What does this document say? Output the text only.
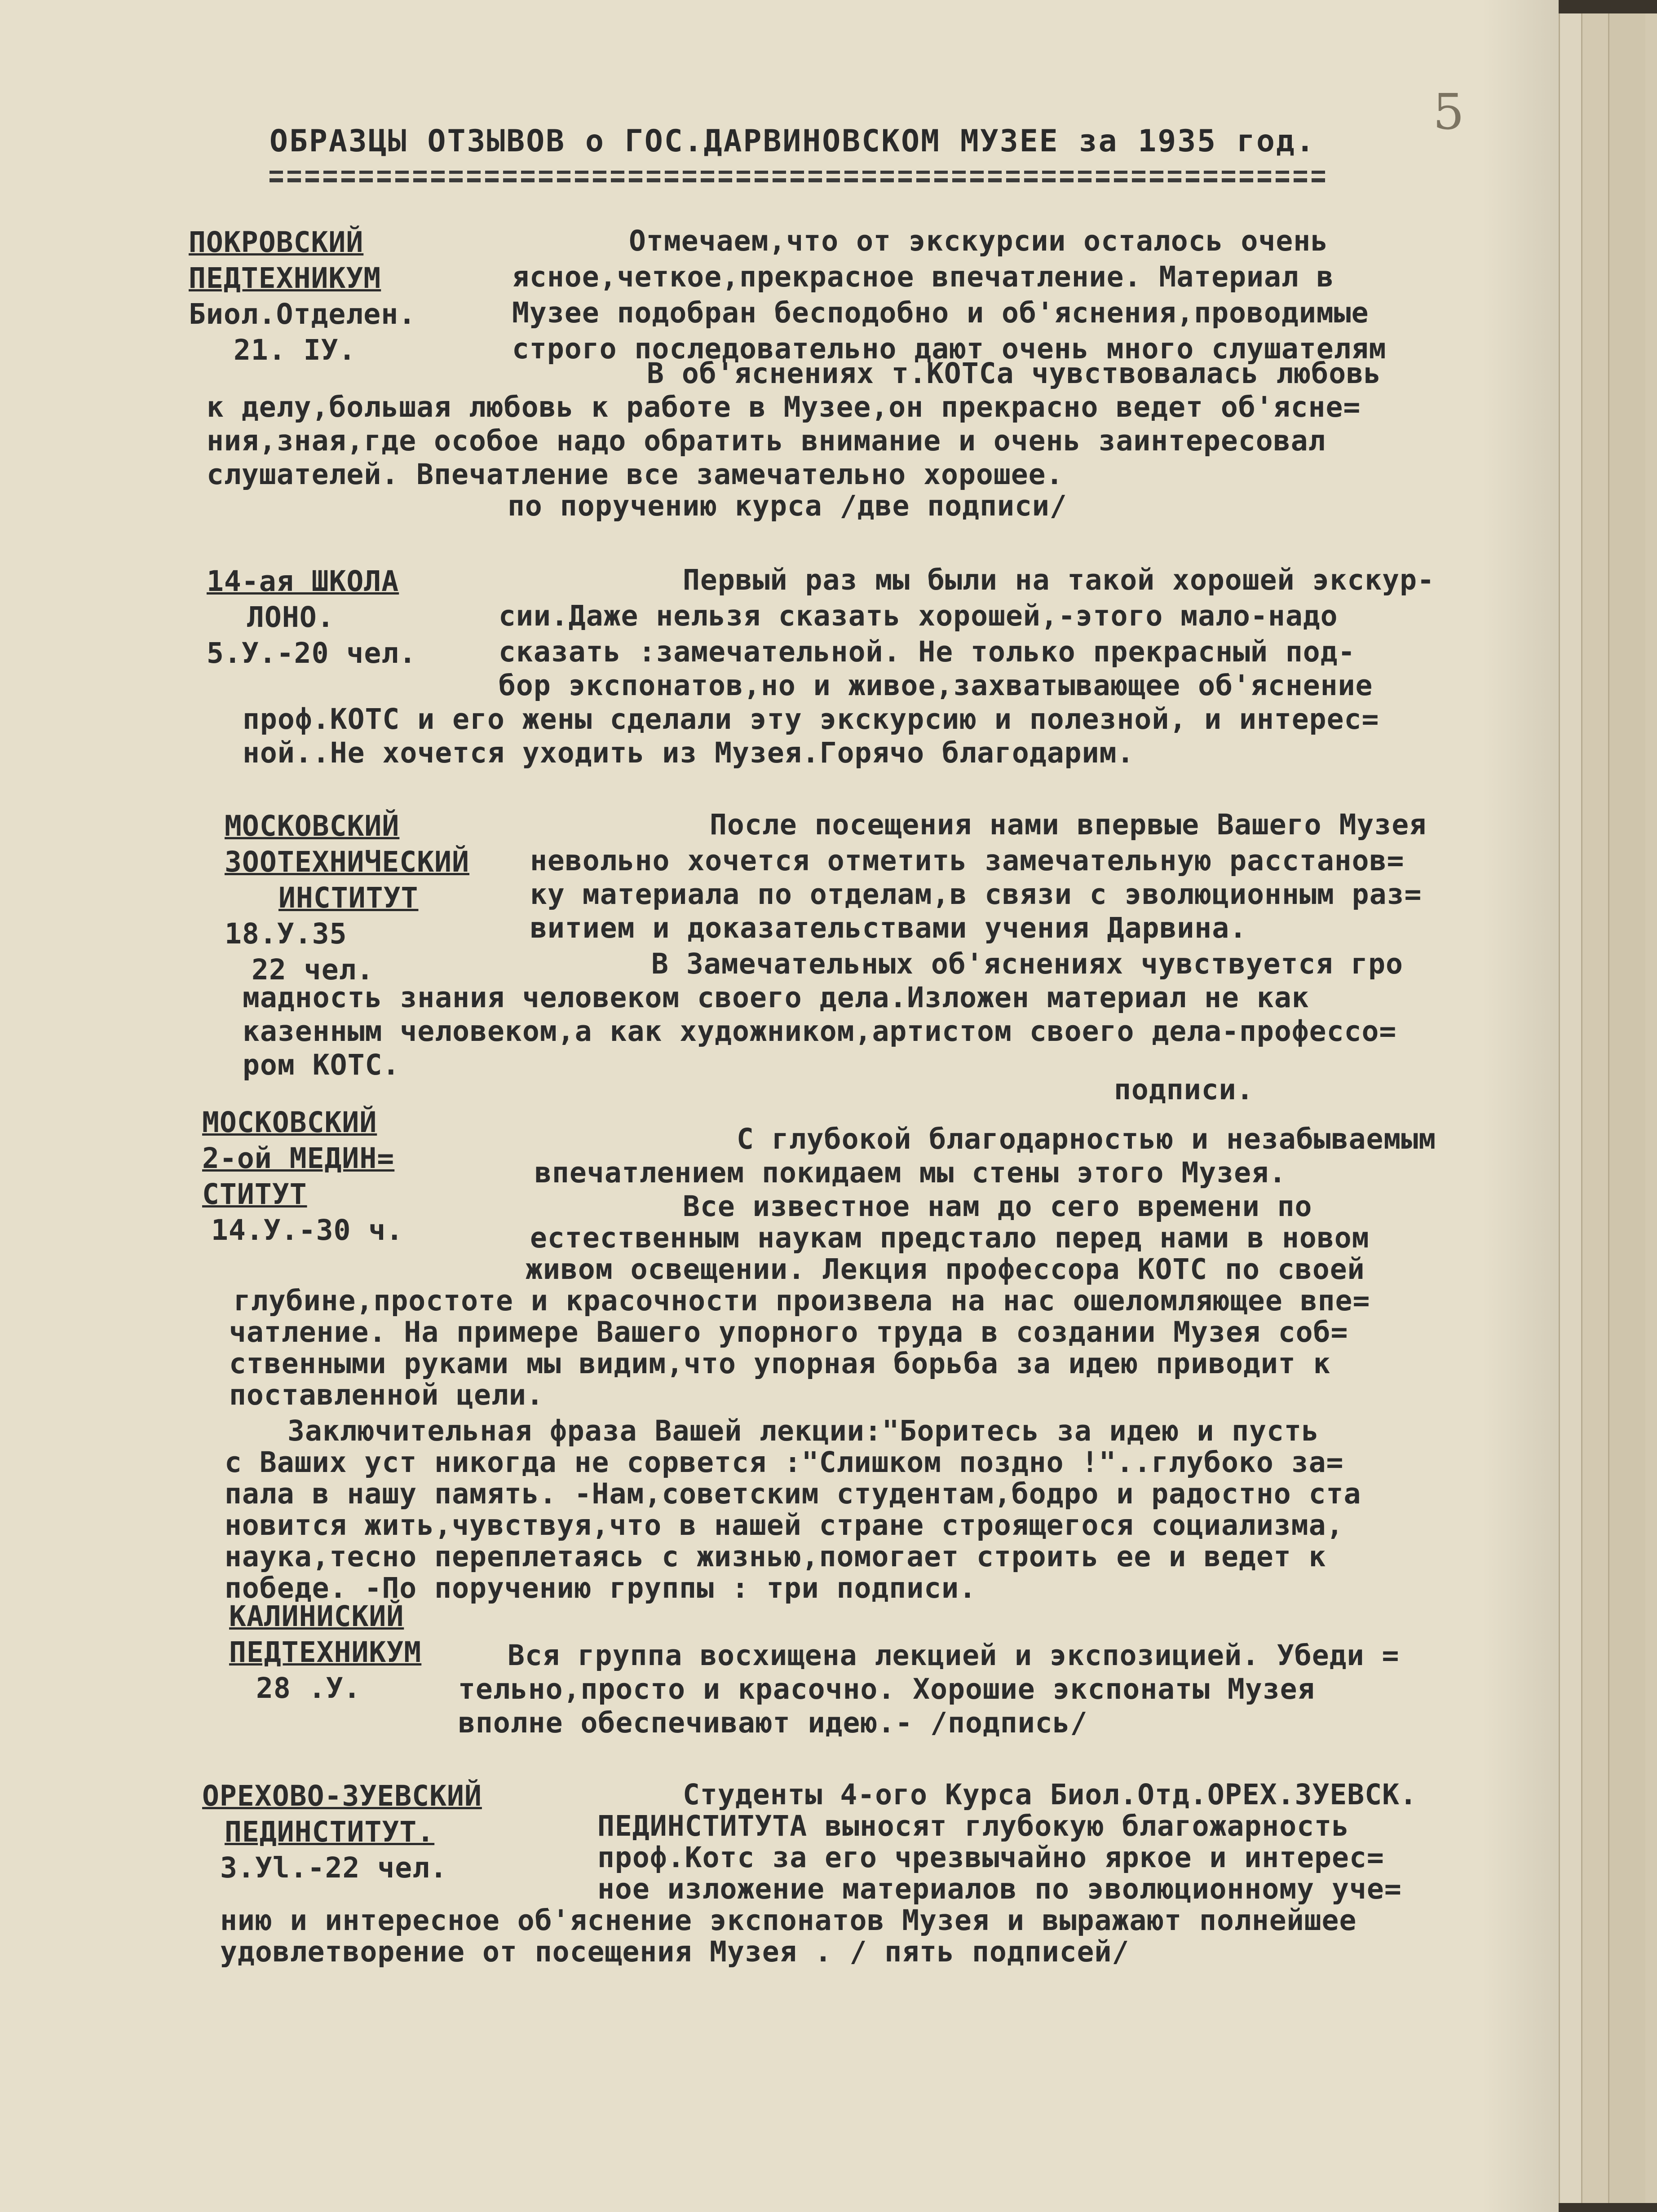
5
ОБРАЗЦЫ ОТЗЫВОВ о ГОС.ДАРВИНОВСКОМ МУЗЕЕ за 1935 год.
ПОКРОВСКИЙ
ПЕДТЕХНИКУМ
Биол.Отделен.
21. IУ.
Отмечаем,что от экскурсии осталось очень
ясное,четкое,прекрасное впечатление. Материал в
Музее подобран бесподобно и об'яснения,проводимые
строго последовательно дают очень много слушателям
В об'яснениях т.КОТСа чувствовалась любовь
к делу,большая любовь к работе в Музее,он прекрасно ведет об'ясне=
ния,зная,где особое надо обратить внимание и очень заинтересовал
слушателей. Впечатление все замечательно хорошее.
по поручению курса /две подписи/
14-ая ШКОЛА
ЛОНО.
5.У.-20 чел.
Первый раз мы были на такой хорошей экскур-
сии.Даже нельзя сказать хорошей,-этого мало-надо
сказать :замечательной. Не только прекрасный под-
бор экспонатов,но и живое,захватывающее об'яснение
проф.КОТС и его жены сделали эту экскурсию и полезной, и интерес=
ной..Не хочется уходить из Музея.Горячо благодарим.
МОСКОВСКИЙ
ЗООТЕХНИЧЕСКИЙ
ИНСТИТУТ
18.У.35
22 чел.
После посещения нами впервые Вашего Музея
невольно хочется отметить замечательную расстанов=
ку материала по отделам,в связи с эволюционным раз=
витием и доказательствами учения Дарвина.
В Замечательных об'яснениях чувствуется гро
мадность знания человеком своего дела.Изложен материал не как
казенным человеком,а как художником,артистом своего дела-профессо=
ром КОТС.
подписи.
МОСКОВСКИЙ
2-ой МЕДИН=
СТИТУТ
14.У.-30 ч.
С глубокой благодарностью и незабываемым
впечатлением покидаем мы стены этого Музея.
Все известное нам до сего времени по
естественным наукам предстало перед нами в новом
живом освещении. Лекция профессора КОТС по своей
глубине,простоте и красочности произвела на нас ошеломляющее впе=
чатление. На примере Вашего упорного труда в создании Музея соб=
ственными руками мы видим,что упорная борьба за идею приводит к
поставленной цели.
Заключительная фраза Вашей лекции:"Боритесь за идею и пусть
с Ваших уст никогда не сорвется :"Слишком поздно !"..глубоко за=
пала в нашу память. -Нам,советским студентам,бодро и радостно ста
новится жить,чувствуя,что в нашей стране строящегося социализма,
наука,тесно переплетаясь с жизнью,помогает строить ее и ведет к
победе. -По поручению группы : три подписи.
КАЛИНИСКИЙ
ПЕДТЕХНИКУМ
28 .У.
Вся группа восхищена лекцией и экспозицией. Убеди =
тельно,просто и красочно. Хорошие экспонаты Музея
вполне обеспечивают идею.- /подпись/
ОРЕХОВО-ЗУЕВСКИЙ
ПЕДИНСТИТУТ.
3.Уl.-22 чел.
Студенты 4-ого Курса Биол.Отд.ОРЕХ.ЗУЕВСК.
ПЕДИНСТИТУТА выносят глубокую благожарность
проф.Котс за его чрезвычайно яркое и интерес=
ное изложение материалов по эволюционному уче=
нию и интересное об'яснение экспонатов Музея и выражают полнейшее
удовлетворение от посещения Музея . / пять подписей/
